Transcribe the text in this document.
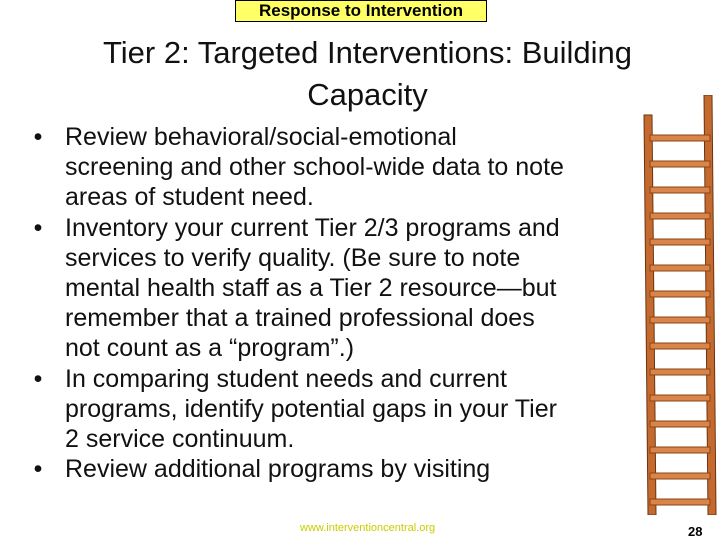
Response to Intervention
Tier 2: Targeted Interventions: Building
Capacity
• Review behavioral/social-emotional
screening and other school-wide data to note
areas of student need.
• Inventory your current Tier 2/3 programs and
services to verify quality. (Be sure to note
mental health staff as a Tier 2 resource—but
remember that a trained professional does
not count as a “program”.)
• In comparing student needs and current
programs, identify potential gaps in your Tier
2 service continuum.
• Review additional programs by visiting
www.interventioncentral.org	28
